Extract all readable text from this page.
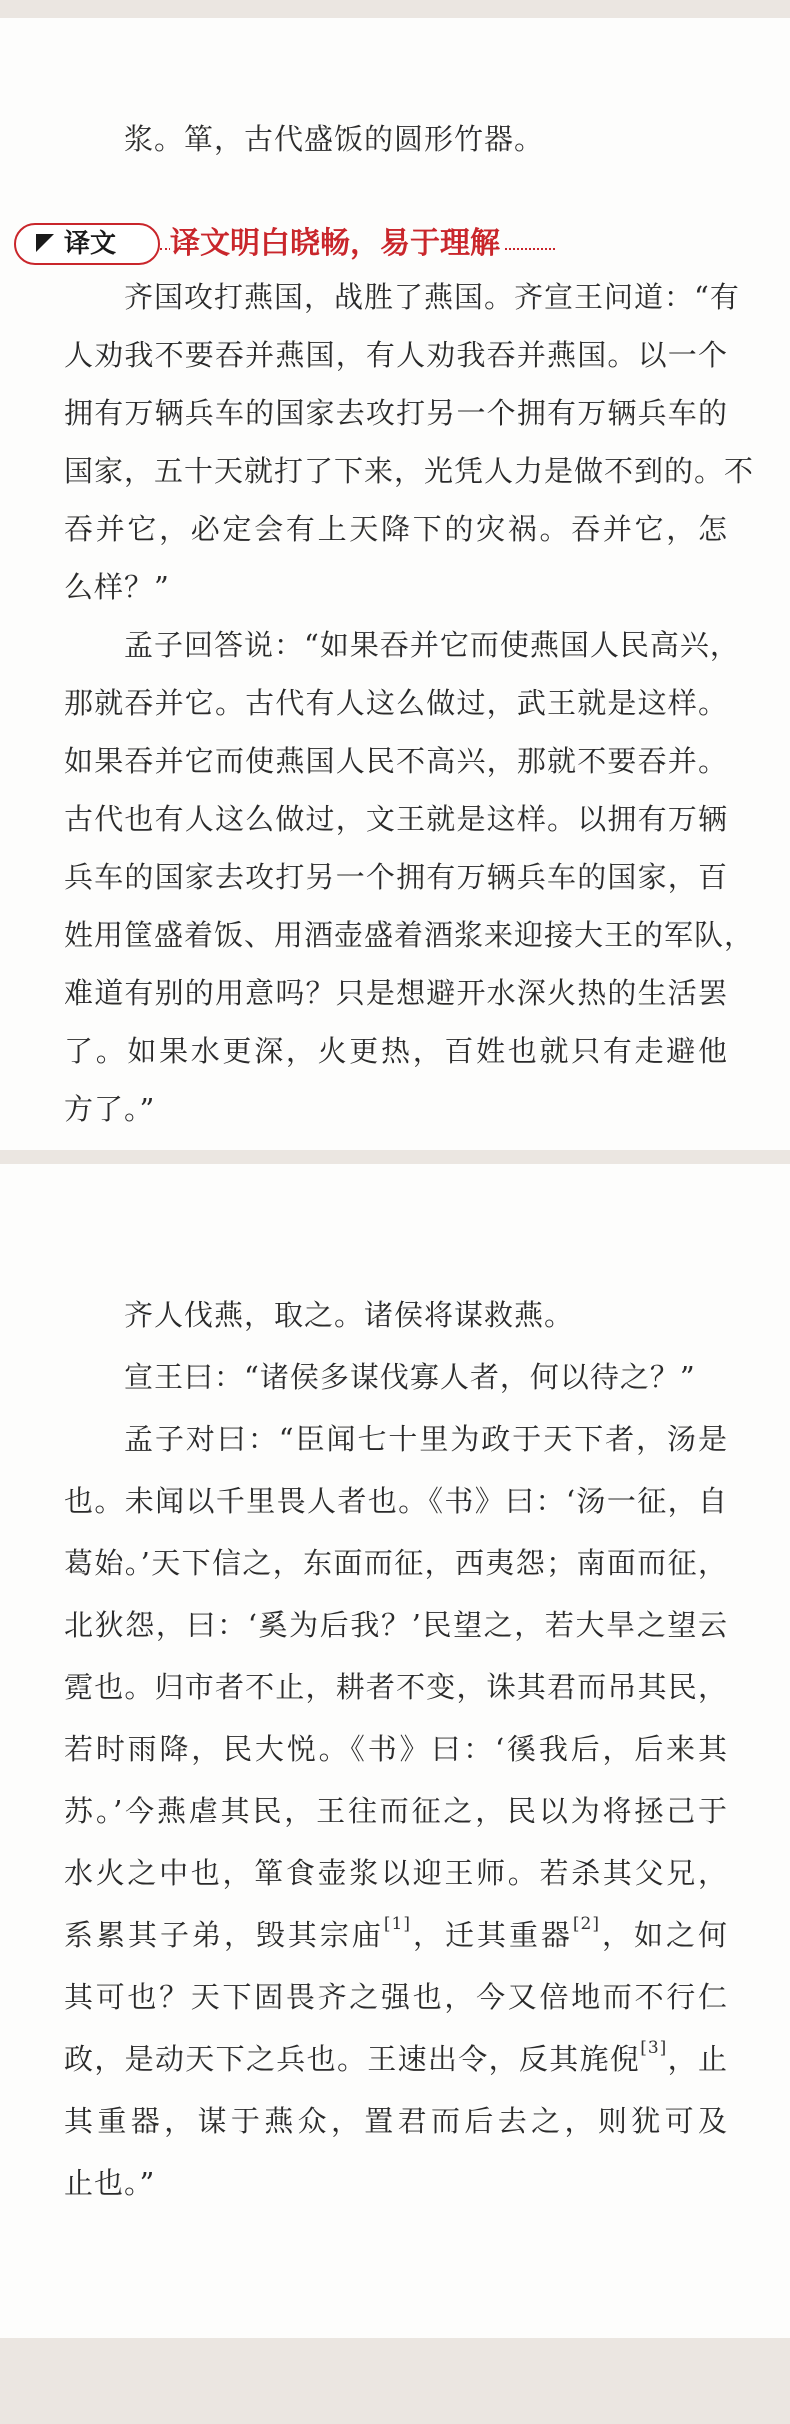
浆。箪，古代盛饭的圆形竹器。
译文 译文明白晓畅，易于理解
齐国攻打燕国，战胜了燕国。齐宣王问道：“有
人劝我不要吞并燕国，有人劝我吞并燕国。以一个
拥有万辆兵车的国家去攻打另一个拥有万辆兵车的
国家，五十天就打了下来，光凭人力是做不到的。不
吞并它，必定会有上天降下的灾祸。吞并它，怎
么样？”
孟子回答说：“如果吞并它而使燕国人民高兴，
那就吞并它。古代有人这么做过，武王就是这样。
如果吞并它而使燕国人民不高兴，那就不要吞并。
古代也有人这么做过，文王就是这样。以拥有万辆
兵车的国家去攻打另一个拥有万辆兵车的国家，百
姓用筐盛着饭、用酒壶盛着酒浆来迎接大王的军队，
难道有别的用意吗？只是想避开水深火热的生活罢
了。如果水更深，火更热，百姓也就只有走避他
方了。”
齐人伐燕，取之。诸侯将谋救燕。
宣王曰：“诸侯多谋伐寡人者，何以待之？”
孟子对曰：“臣闻七十里为政于天下者，汤是
也。未闻以千里畏人者也。《书》曰：‘汤一征，自
葛始。’天下信之，东面而征，西夷怨；南面而征，
北狄怨，曰：‘奚为后我？’民望之，若大旱之望云
霓也。归市者不止，耕者不变，诛其君而吊其民，
若时雨降，民大悦。《书》曰：‘徯我后，后来其
苏。’今燕虐其民，王往而征之，民以为将拯己于
水火之中也，箪食壶浆以迎王师。若杀其父兄，
系累其子弟，毁其宗庙[1]，迁其重器[2]，如之何
其可也？天下固畏齐之强也，今又倍地而不行仁
政，是动天下之兵也。王速出令，反其旄倪[3]，止
其重器，谋于燕众，置君而后去之，则犹可及
止也。”
